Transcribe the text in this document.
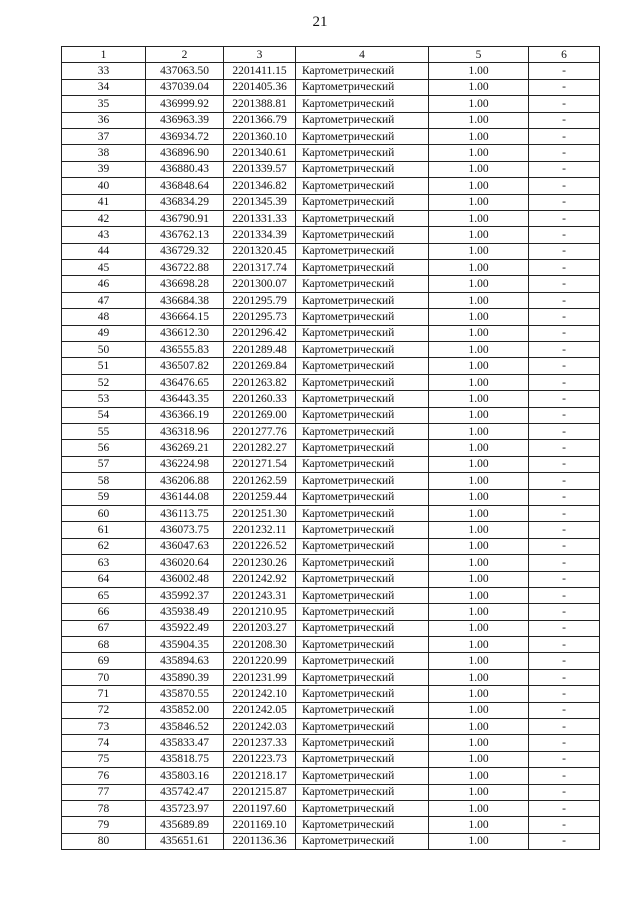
21
1	2	3	4	5	6
33	437063.50	2201411.15	Картометрический	1.00	-
34	437039.04	2201405.36	Картометрический	1.00	-
35	436999.92	2201388.81	Картометрический	1.00	-
36	436963.39	2201366.79	Картометрический	1.00	-
37	436934.72	2201360.10	Картометрический	1.00	-
38	436896.90	2201340.61	Картометрический	1.00	-
39	436880.43	2201339.57	Картометрический	1.00	-
40	436848.64	2201346.82	Картометрический	1.00	-
41	436834.29	2201345.39	Картометрический	1.00	-
42	436790.91	2201331.33	Картометрический	1.00	-
43	436762.13	2201334.39	Картометрический	1.00	-
44	436729.32	2201320.45	Картометрический	1.00	-
45	436722.88	2201317.74	Картометрический	1.00	-
46	436698.28	2201300.07	Картометрический	1.00	-
47	436684.38	2201295.79	Картометрический	1.00	-
48	436664.15	2201295.73	Картометрический	1.00	-
49	436612.30	2201296.42	Картометрический	1.00	-
50	436555.83	2201289.48	Картометрический	1.00	-
51	436507.82	2201269.84	Картометрический	1.00	-
52	436476.65	2201263.82	Картометрический	1.00	-
53	436443.35	2201260.33	Картометрический	1.00	-
54	436366.19	2201269.00	Картометрический	1.00	-
55	436318.96	2201277.76	Картометрический	1.00	-
56	436269.21	2201282.27	Картометрический	1.00	-
57	436224.98	2201271.54	Картометрический	1.00	-
58	436206.88	2201262.59	Картометрический	1.00	-
59	436144.08	2201259.44	Картометрический	1.00	-
60	436113.75	2201251.30	Картометрический	1.00	-
61	436073.75	2201232.11	Картометрический	1.00	-
62	436047.63	2201226.52	Картометрический	1.00	-
63	436020.64	2201230.26	Картометрический	1.00	-
64	436002.48	2201242.92	Картометрический	1.00	-
65	435992.37	2201243.31	Картометрический	1.00	-
66	435938.49	2201210.95	Картометрический	1.00	-
67	435922.49	2201203.27	Картометрический	1.00	-
68	435904.35	2201208.30	Картометрический	1.00	-
69	435894.63	2201220.99	Картометрический	1.00	-
70	435890.39	2201231.99	Картометрический	1.00	-
71	435870.55	2201242.10	Картометрический	1.00	-
72	435852.00	2201242.05	Картометрический	1.00	-
73	435846.52	2201242.03	Картометрический	1.00	-
74	435833.47	2201237.33	Картометрический	1.00	-
75	435818.75	2201223.73	Картометрический	1.00	-
76	435803.16	2201218.17	Картометрический	1.00	-
77	435742.47	2201215.87	Картометрический	1.00	-
78	435723.97	2201197.60	Картометрический	1.00	-
79	435689.89	2201169.10	Картометрический	1.00	-
80	435651.61	2201136.36	Картометрический	1.00	-
